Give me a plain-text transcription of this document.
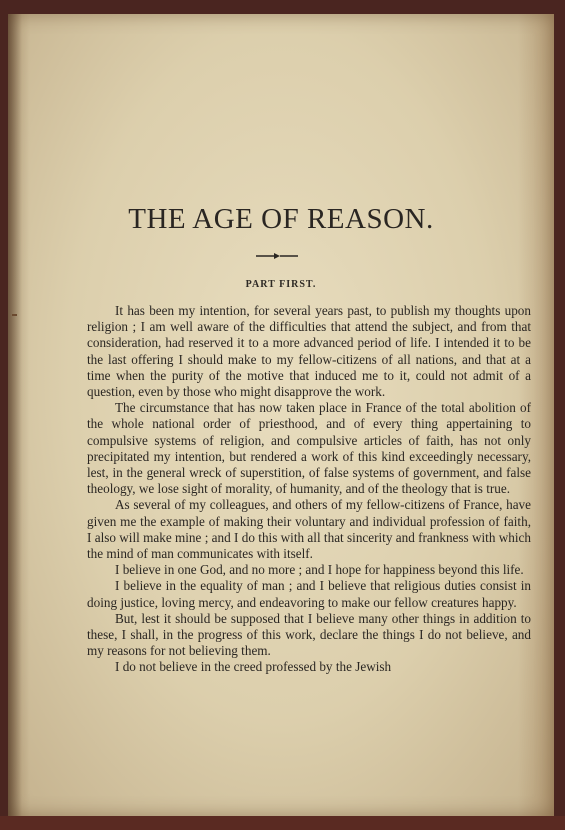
THE AGE OF REASON.
PART FIRST.

It has been my intention, for several years past, to publish my thoughts upon religion ; I am well aware of the difficulties that attend the subject, and from that consideration, had reserved it to a more advanced period of life. I intended it to be the last offering I should make to my fellow-citizens of all nations, and that at a time when the purity of the motive that induced me to it, could not admit of a question, even by those who might disapprove the work.

The circumstance that has now taken place in France of the total abolition of the whole national order of priesthood, and of every thing appertaining to compulsive systems of religion, and compulsive articles of faith, has not only precipitated my intention, but rendered a work of this kind exceedingly necessary, lest, in the general wreck of superstition, of false systems of government, and false theology, we lose sight of morality, of humanity, and of the theology that is true.

As several of my colleagues, and others of my fellow-citizens of France, have given me the example of making their voluntary and individual profession of faith, I also will make mine ; and I do this with all that sincerity and frankness with which the mind of man communicates with itself.

I believe in one God, and no more ; and I hope for happiness beyond this life.

I believe in the equality of man ; and I believe that religious duties consist in doing justice, loving mercy, and endeavoring to make our fellow creatures happy.

But, lest it should be supposed that I believe many other things in addition to these, I shall, in the progress of this work, declare the things I do not believe, and my reasons for not believing them.

I do not believe in the creed professed by the Jewish
